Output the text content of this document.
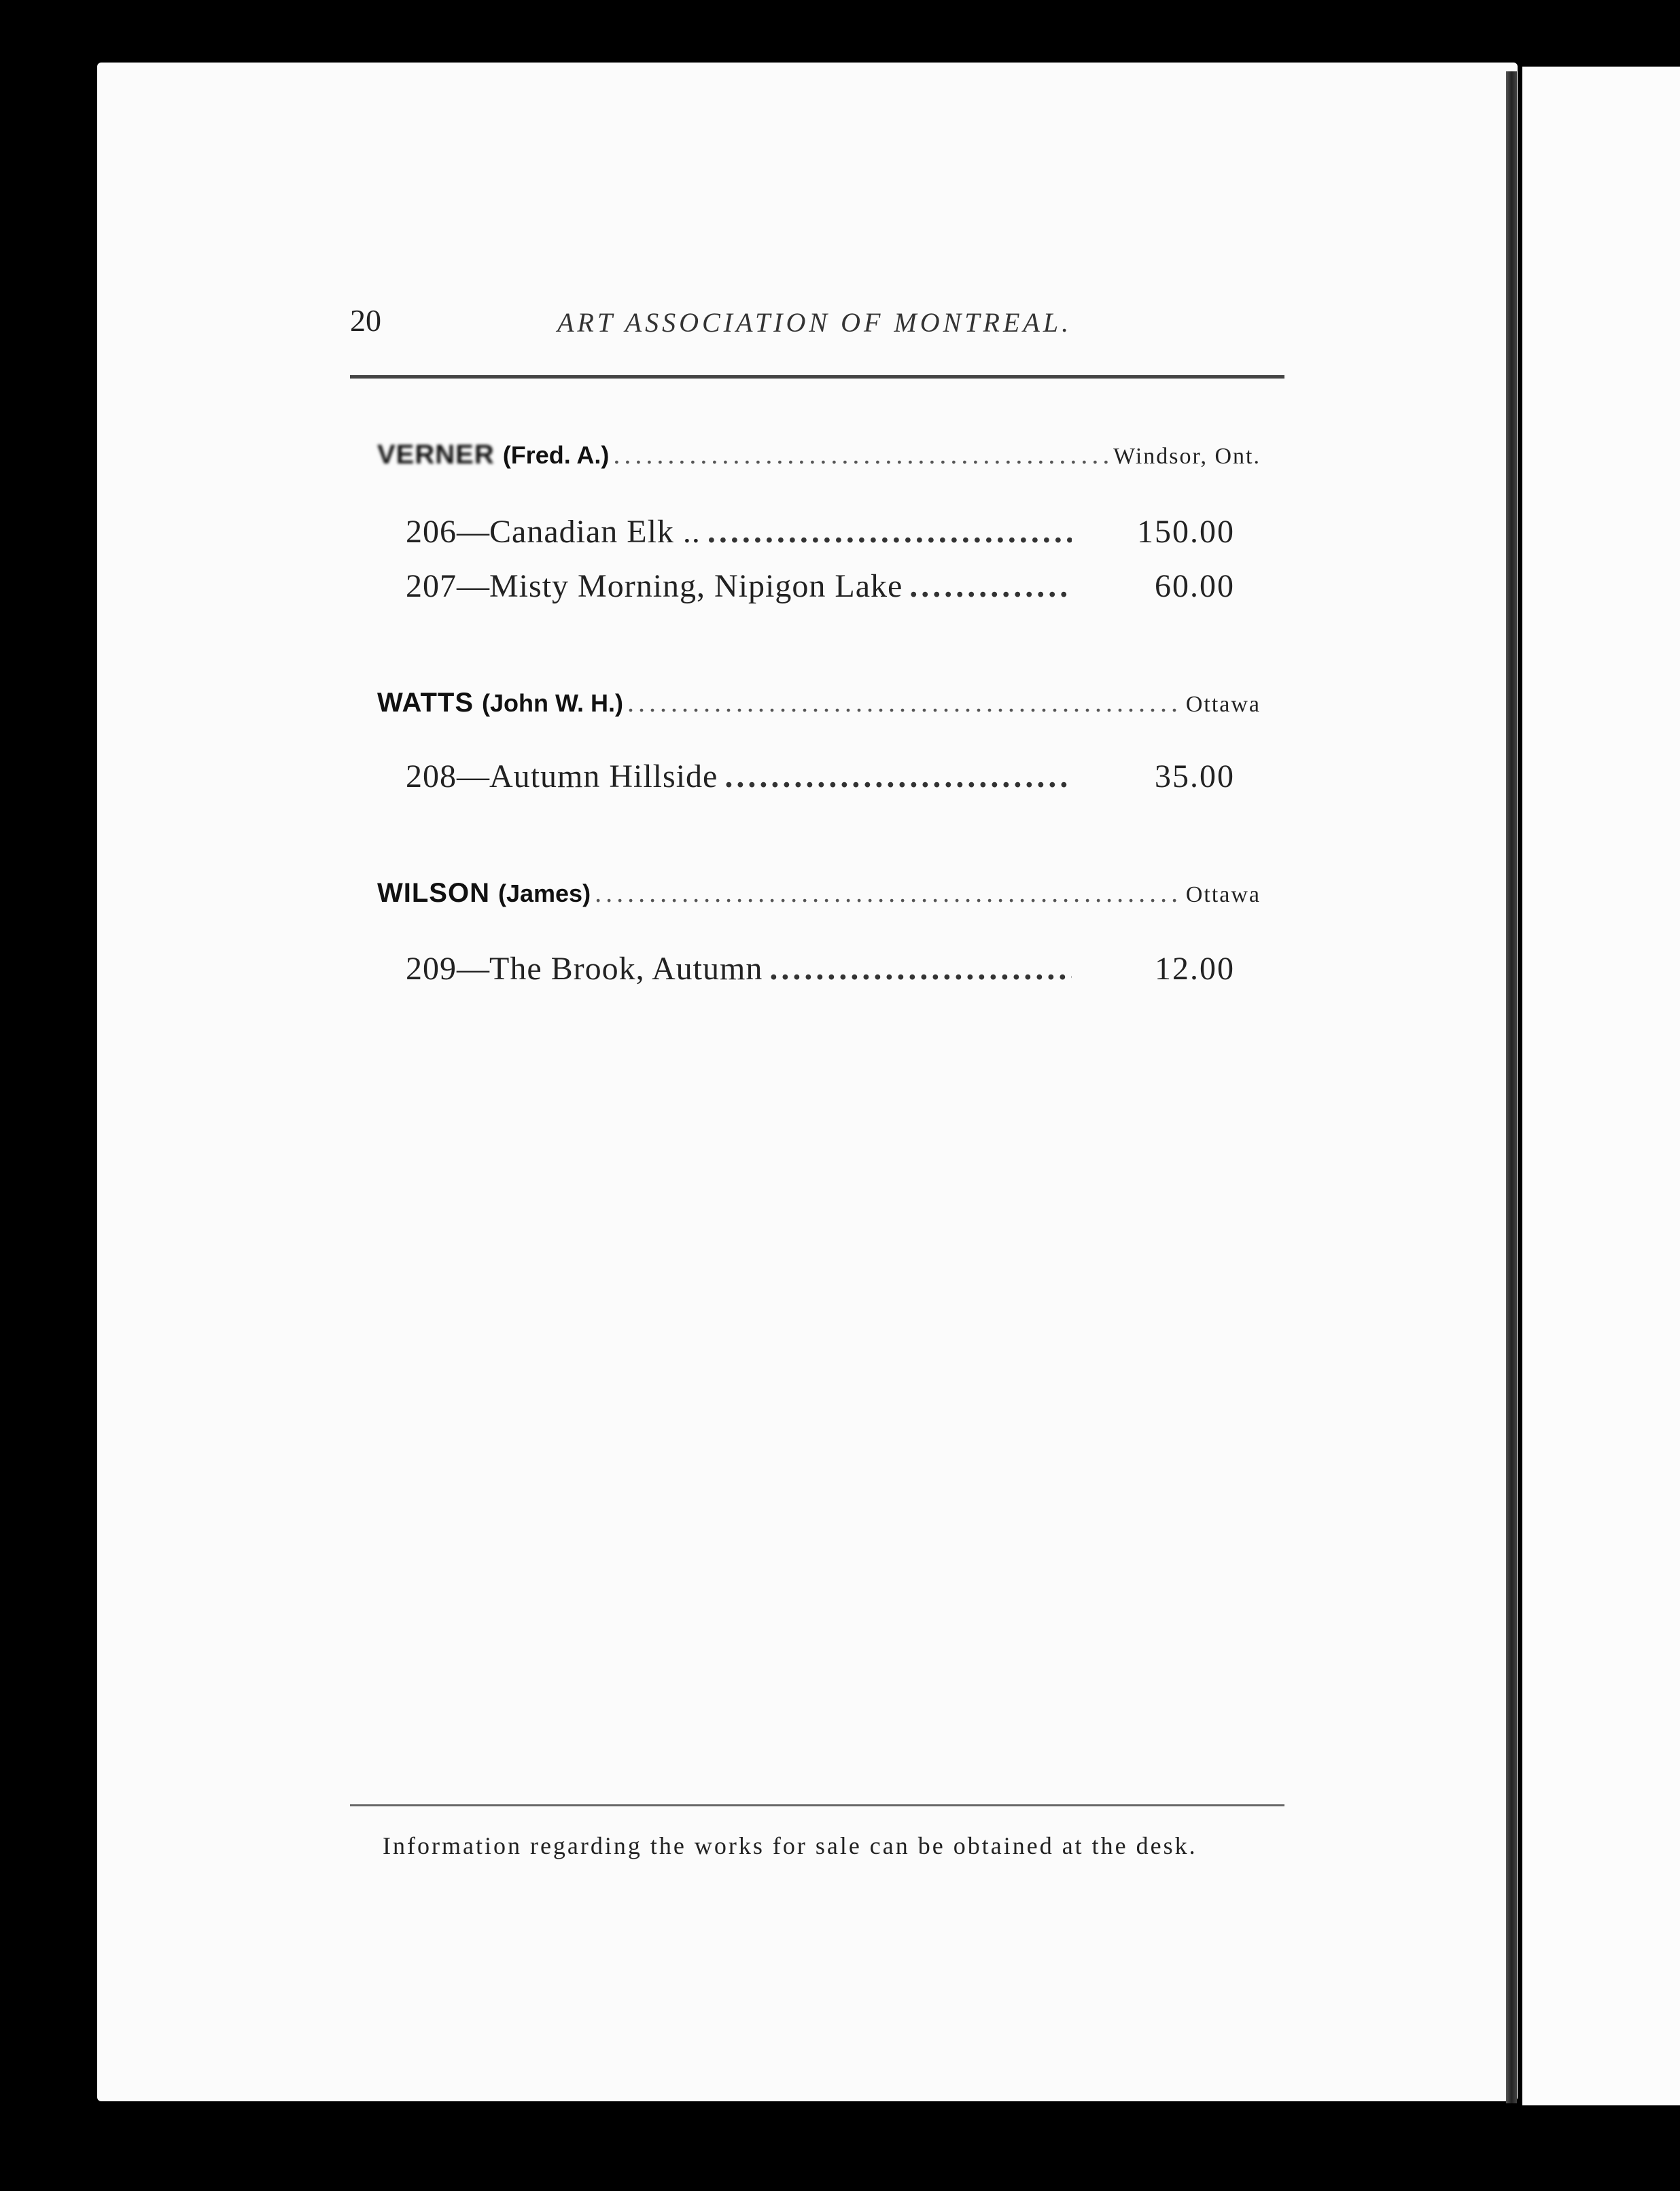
20	ART ASSOCIATION OF MONTREAL.
VERNER (Fred. A.) .....	Windsor, Ont.
206 — Canadian Elk .. .....	150.00
207 — Misty Morning, Nipigon Lake .....	60.00
WATTS (John W. H.) .....	Ottawa
208 — Autumn Hillside .....	35.00
WILSON (James) .....	Ottawa
209 — The Brook, Autumn .....	12.00
Information regarding the works for sale can be obtained at the desk.
